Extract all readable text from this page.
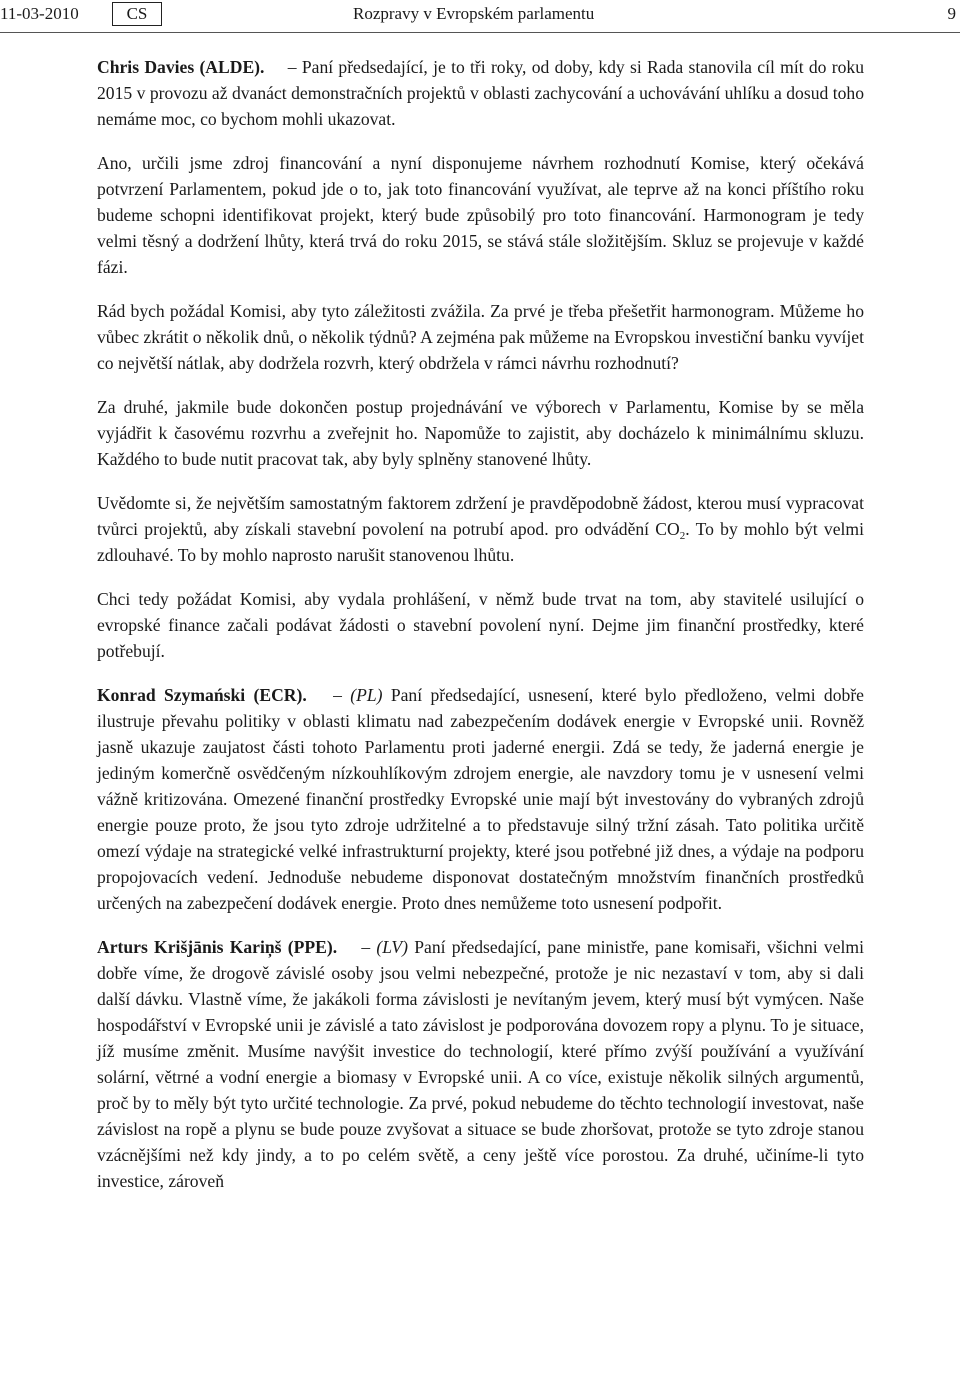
11-03-2010	CS	Rozpravy v Evropském parlamentu	9

Chris Davies (ALDE). – Paní předsedající, je to tři roky, od doby, kdy si Rada stanovila cíl mít do roku 2015 v provozu až dvanáct demonstračních projektů v oblasti zachycování a uchovávání uhlíku a dosud toho nemáme moc, co bychom mohli ukazovat.

Ano, určili jsme zdroj financování a nyní disponujeme návrhem rozhodnutí Komise, který očekává potvrzení Parlamentem, pokud jde o to, jak toto financování využívat, ale teprve až na konci příštího roku budeme schopni identifikovat projekt, který bude způsobilý pro toto financování. Harmonogram je tedy velmi těsný a dodržení lhůty, která trvá do roku 2015, se stává stále složitějším. Skluz se projevuje v každé fázi.

Rád bych požádal Komisi, aby tyto záležitosti zvážila. Za prvé je třeba přešetřit harmonogram. Můžeme ho vůbec zkrátit o několik dnů, o několik týdnů? A zejména pak můžeme na Evropskou investiční banku vyvíjet co největší nátlak, aby dodržela rozvrh, který obdržela v rámci návrhu rozhodnutí?

Za druhé, jakmile bude dokončen postup projednávání ve výborech v Parlamentu, Komise by se měla vyjádřit k časovému rozvrhu a zveřejnit ho. Napomůže to zajistit, aby docházelo k minimálnímu skluzu. Každého to bude nutit pracovat tak, aby byly splněny stanovené lhůty.

Uvědomte si, že největším samostatným faktorem zdržení je pravděpodobně žádost, kterou musí vypracovat tvůrci projektů, aby získali stavební povolení na potrubí apod. pro odvádění $CO_2$. To by mohlo být velmi zdlouhavé. To by mohlo naprosto narušit stanovenou lhůtu.

Chci tedy požádat Komisi, aby vydala prohlášení, v němž bude trvat na tom, aby stavitelé usilující o evropské finance začali podávat žádosti o stavební povolení nyní. Dejme jim finanční prostředky, které potřebují.

Konrad Szymański (ECR). – (PL) Paní předsedající, usnesení, které bylo předloženo, velmi dobře ilustruje převahu politiky v oblasti klimatu nad zabezpečením dodávek energie v Evropské unii. Rovněž jasně ukazuje zaujatost části tohoto Parlamentu proti jaderné energii. Zdá se tedy, že jaderná energie je jediným komerčně osvědčeným nízkouhlíkovým zdrojem energie, ale navzdory tomu je v usnesení velmi vážně kritizována. Omezené finanční prostředky Evropské unie mají být investovány do vybraných zdrojů energie pouze proto, že jsou tyto zdroje udržitelné a to představuje silný tržní zásah. Tato politika určitě omezí výdaje na strategické velké infrastrukturní projekty, které jsou potřebné již dnes, a výdaje na podporu propojovacích vedení. Jednoduše nebudeme disponovat dostatečným množstvím finančních prostředků určených na zabezpečení dodávek energie. Proto dnes nemůžeme toto usnesení podpořit.

Arturs Krišjānis Kariņš (PPE). – (LV) Paní předsedající, pane ministře, pane komisaři, všichni velmi dobře víme, že drogově závislé osoby jsou velmi nebezpečné, protože je nic nezastaví v tom, aby si dali další dávku. Vlastně víme, že jakákoli forma závislosti je nevítaným jevem, který musí být vymýcen. Naše hospodářství v Evropské unii je závislé a tato závislost je podporována dovozem ropy a plynu. To je situace, jíž musíme změnit. Musíme navýšit investice do technologií, které přímo zvýší používání a využívání solární, větrné a vodní energie a biomasy v Evropské unii. A co více, existuje několik silných argumentů, proč by to měly být tyto určité technologie. Za prvé, pokud nebudeme do těchto technologií investovat, naše závislost na ropě a plynu se bude pouze zvyšovat a situace se bude zhoršovat, protože se tyto zdroje stanou vzácnějšími než kdy jindy, a to po celém světě, a ceny ještě více porostou. Za druhé, učiníme-li tyto investice, zároveň
